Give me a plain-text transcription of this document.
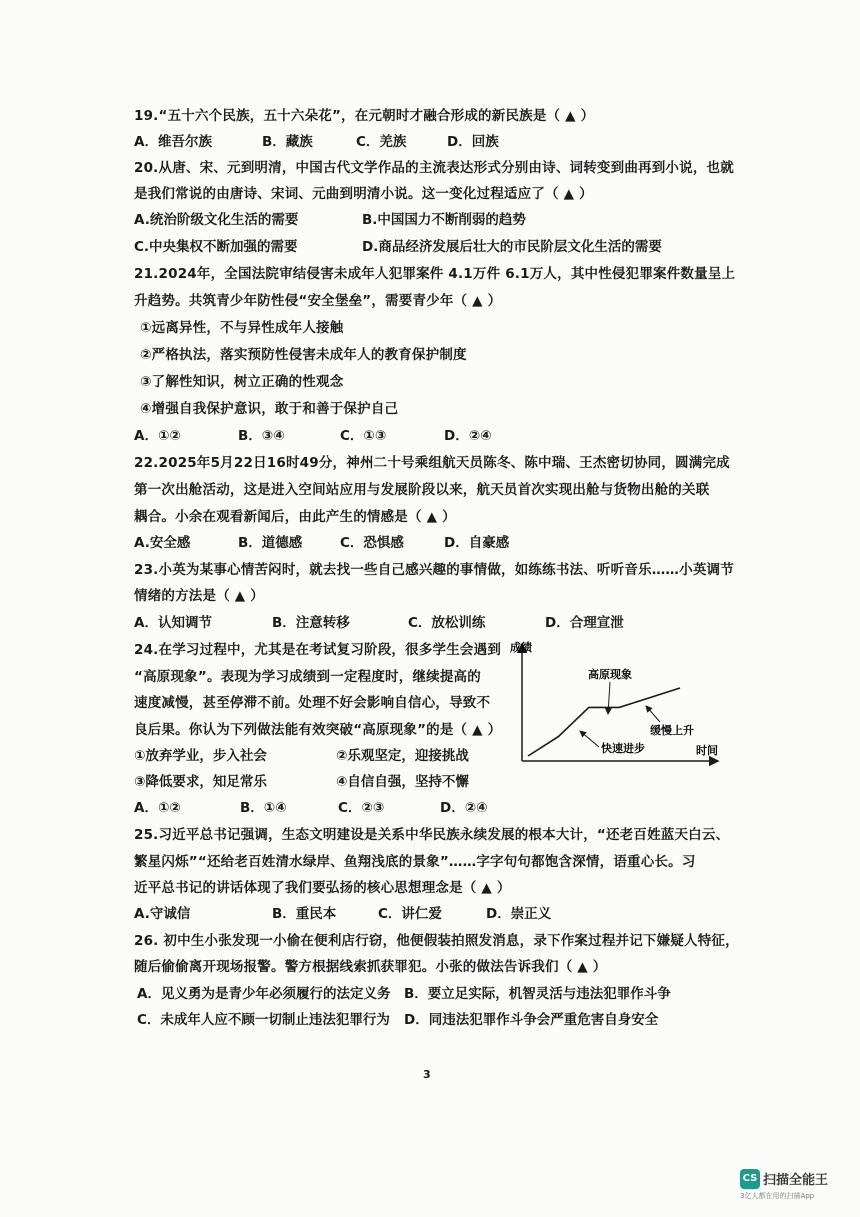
19.“五十六个民族，五十六朵花”，在元朝时才融合形成的新民族是（ ▲ ）
A．维吾尔族	B．藏族	C．羌族	D．回族
20.从唐、宋、元到明清，中国古代文学作品的主流表达形式分别由诗、词转变到曲再到小说，也就
是我们常说的由唐诗、宋词、元曲到明清小说。这一变化过程适应了（ ▲ ）
A.统治阶级文化生活的需要	B.中国国力不断削弱的趋势
C.中央集权不断加强的需要	D.商品经济发展后壮大的市民阶层文化生活的需要
21.2024年，全国法院审结侵害未成年人犯罪案件 4.1万件 6.1万人，其中性侵犯罪案件数量呈上
升趋势。共筑青少年防性侵“安全堡垒”，需要青少年（ ▲ ）
①远离异性，不与异性成年人接触
②严格执法，落实预防性侵害未成年人的教育保护制度
③了解性知识，树立正确的性观念
④增强自我保护意识，敢于和善于保护自己
A．①②	B．③④	C．①③	D．②④
22.2025年5月22日16时49分，神州二十号乘组航天员陈冬、陈中瑞、王杰密切协同，圆满完成
第一次出舱活动，这是进入空间站应用与发展阶段以来，航天员首次实现出舱与货物出舱的关联
耦合。小余在观看新闻后，由此产生的情感是（ ▲ ）
A.安全感	B．道德感	C．恐惧感	D．自豪感
23.小英为某事心情苦闷时，就去找一些自己感兴趣的事情做，如练练书法、听听音乐……小英调节
情绪的方法是（ ▲ ）
A．认知调节	B．注意转移	C．放松训练	D．合理宣泄
24.在学习过程中，尤其是在考试复习阶段，很多学生会遇到
“高原现象”。表现为学习成绩到一定程度时，继续提高的
速度减慢，甚至停滞不前。处理不好会影响自信心，导致不
良后果。你认为下列做法能有效突破“高原现象”的是（ ▲ ）
①放弃学业，步入社会	②乐观坚定，迎接挑战
③降低要求，知足常乐	④自信自强，坚持不懈
A．①②	B．①④	C．②③	D．②④
成绩
时间
高原现象
缓慢上升
快速进步
25.习近平总书记强调，生态文明建设是关系中华民族永续发展的根本大计，“还老百姓蓝天白云、
繁星闪烁”“还给老百姓清水绿岸、鱼翔浅底的景象”……字字句句都饱含深情，语重心长。习
近平总书记的讲话体现了我们要弘扬的核心思想理念是（ ▲ ）
A.守诚信	B．重民本	C．讲仁爱	D．崇正义
26. 初中生小张发现一小偷在便利店行窃，他便假装拍照发消息，录下作案过程并记下嫌疑人特征，
随后偷偷离开现场报警。警方根据线索抓获罪犯。小张的做法告诉我们（ ▲ ）
A．见义勇为是青少年必须履行的法定义务 B．要立足实际，机智灵活与违法犯罪作斗争
C．未成年人应不顾一切制止违法犯罪行为 D．同违法犯罪作斗争会严重危害自身安全
3
CS 扫描全能王
3亿人都在用的扫描App
